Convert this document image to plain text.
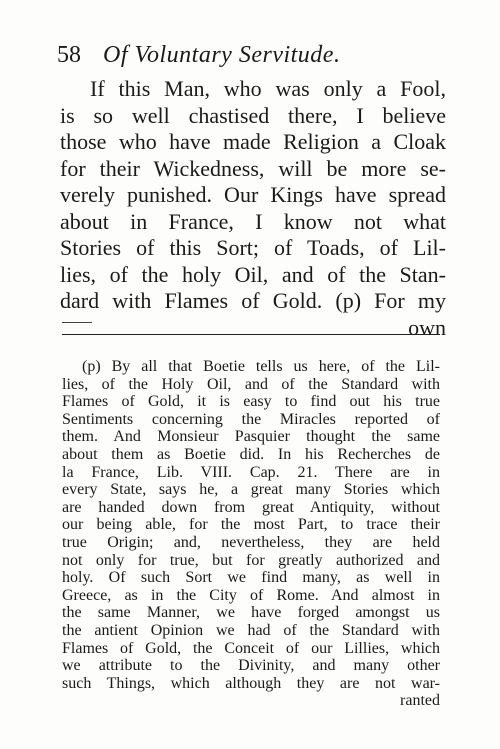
58 Of Voluntary Servitude.
If this Man, who was only a Fool,
is so well chastised there, I believe
those who have made Religion a Cloak
for their Wickedness, will be more se-
verely punished. Our Kings have spread
about in France, I know not what
Stories of this Sort; of Toads, of Lil-
lies, of the holy Oil, and of the Stan-
dard with Flames of Gold. (p) For my
own
(p) By all that Boetie tells us here, of the Lil-
lies, of the Holy Oil, and of the Standard with
Flames of Gold, it is easy to find out his true
Sentiments concerning the Miracles reported of
them. And Monsieur Pasquier thought the same
about them as Boetie did. In his Recherches de
la France, Lib. VIII. Cap. 21. There are in
every State, says he, a great many Stories which
are handed down from great Antiquity, without
our being able, for the most Part, to trace their
true Origin; and, nevertheless, they are held
not only for true, but for greatly authorized and
holy. Of such Sort we find many, as well in
Greece, as in the City of Rome. And almost in
the same Manner, we have forged amongst us
the antient Opinion we had of the Standard with
Flames of Gold, the Conceit of our Lillies, which
we attribute to the Divinity, and many other
such Things, which although they are not war-
ranted
